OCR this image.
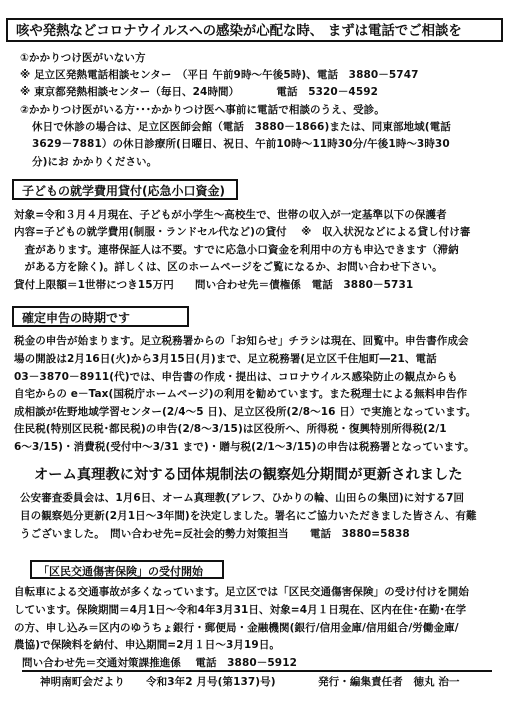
咳や発熱などコロナウイルスへの感染が心配な時、 まずは電話でご相談を
①かかりつけ医がいない方
※ 足立区発熱電話相談センター　（平日 午前9時～午後5時)、電話　3880－5747
※ 東京都発熱相談センター（毎日、24時間）　　　　電話　5320－4592
②かかりつけ医がいる方･･･かかりつけ医へ事前に電話で相談のうえ、受診。
休日で休診の場合は、足立区医師会館（電話　3880－1866)または、同東部地域(電話
3629－7881）の休日診療所(日曜日、祝日、午前10時～11時30分/午後1時～3時30
分)にお かかりください。
子どもの就学費用貸付(応急小口資金)
対象=令和３月４月現在、子どもが小学生～高校生で、世帯の収入が一定基準以下の保護者
内容=子どもの就学費用(制服・ランドセル代など)の貸付　 ※　収入状況などによる貸し付け審
　査があります。連帯保証人は不要。すでに応急小口資金を利用中の方も申込できます（滞納
　がある方を除く)。詳しくは、区のホームページをご覧になるか、お問い合わせ下さい。
貸付上限額＝1世帯につき15万円　　問い合わせ先＝債権係　電話　3880－5731
確定申告の時期です
税金の申告が始まります。足立税務署からの「お知らせ」チラシは現在、回覧中。申告書作成会
場の開設は2月16日(火)から3月15日(月)まで、足立税務署(足立区千住旭町―21、電話
03－3870－8911(代)では、申告書の作成・提出は、コロナウイルス感染防止の観点からも
自宅からの e－Tax(国税庁ホームページ)の利用を勧めています。また税理士による無料申告作
成相談が佐野地域学習センター(2/4～5 日)、足立区役所(2/8～16 日）で実施となっています。
住民税(特別区民税･都民税)の申告(2/8～3/15)は区役所へ、所得税・復興特別所得税(2/1
6～3/15)・消費税(受付中～3/31 まで)・贈与税(2/1～3/15)の申告は税務署となっています。
オーム真理教に対する団体規制法の観察処分期間が更新されました
公安審査委員会は、1月6日、オーム真理教(アレフ、ひかりの輪、山田らの集団)に対する7回
目の観察処分更新(2月1日～3年間)を決定しました。署名にご協力いただきました皆さん、有難
うございました。　問い合わせ先=反社会的勢力対策担当　　電話　3880=5838
「区民交通傷害保険」の受付開始
自転車による交通事故が多くなっています。足立区では「区民交通傷害保険」の受け付けを開始
しています。保険期間＝4月1日～令和4年3月31日、対象=4月１日現在、区内在住･在勤･在学
の方、申し込み＝区内のゆうちょ銀行・郵便局・金融機関(銀行/信用金庫/信用組合/労働金庫/
農協)で保険料を納付、申込期間=2月１日～3月19日。
問い合わせ先＝交通対策課推進係　 電話　3880－5912
神明南町会だより　　令和3年2 月号(第137)号)　　　　発行・編集責任者　徳丸 治一
